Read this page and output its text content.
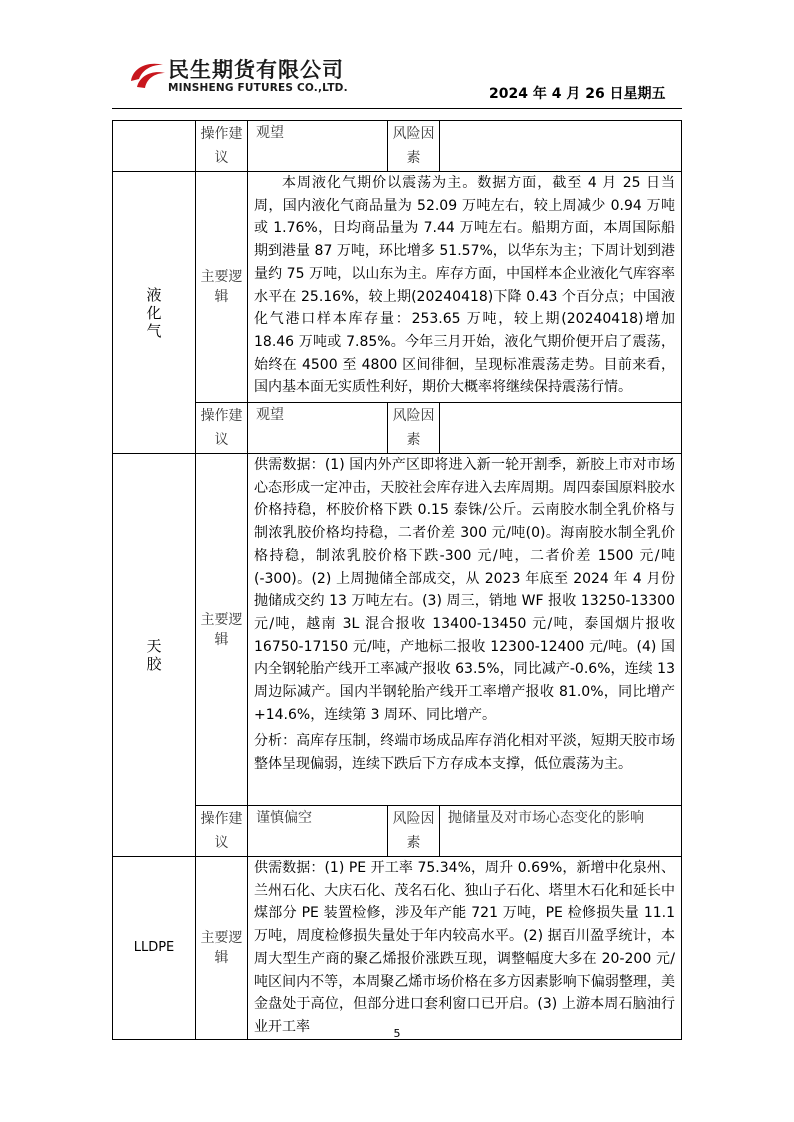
民生期货有限公司
MINSHENG FUTURES CO.,LTD.	2024 年 4 月 26 日星期五
	操作建议	观望	风险因素	
液化气	主要逻辑	本周液化气期价以震荡为主。数据方面，截至 4 月 25 日当周，国内液化气商品量为 52.09 万吨左右，较上周减少 0.94 万吨或 1.76%，日均商品量为 7.44 万吨左右。船期方面，本周国际船期到港量 87 万吨，环比增多 51.57%，以华东为主；下周计划到港量约 75 万吨，以山东为主。库存方面，中国样本企业液化气库容率水平在 25.16%，较上期(20240418)下降 0.43 个百分点；中国液化气港口样本库存量：253.65 万吨，较上期(20240418)增加 18.46 万吨或 7.85%。今年三月开始，液化气期价便开启了震荡，始终在 4500 至 4800 区间徘徊，呈现标准震荡走势。目前来看，国内基本面无实质性利好，期价大概率将继续保持震荡行情。		

	操作建议	观望	风险因素	
天胶	主要逻辑	供需数据：(1) 国内外产区即将进入新一轮开割季，新胶上市对市场心态形成一定冲击，天胶社会库存进入去库周期。周四泰国原料胶水价格持稳，杯胶价格下跌 0.15 泰铢/公斤。云南胶水制全乳价格与制浓乳胶价格均持稳，二者价差 300 元/吨(0)。海南胶水制全乳价格持稳，制浓乳胶价格下跌-300 元/吨，二者价差 1500 元/吨 (-300)。(2) 上周抛储全部成交，从 2023 年底至 2024 年 4 月份抛储成交约 13 万吨左右。(3) 周三，销地 WF 报收 13250-13300 元/吨，越南 3L 混合报收 13400-13450 元/吨，泰国烟片报收 16750-17150 元/吨，产地标二报收 12300-12400 元/吨。(4) 国内全钢轮胎产线开工率减产报收 63.5%，同比减产-0.6%，连续 13 周边际减产。国内半钢轮胎产线开工率增产报收 81.0%，同比增产+14.6%，连续第 3 周环、同比增产。

分析：高库存压制，终端市场成品库存消化相对平淡，短期天胶市场整体呈现偏弱，连续下跌后下方存成本支撑，低位震荡为主。		

	操作建议	谨慎偏空	风险因素	抛储量及对市场心态变化的影响
LLDPE	主要逻辑	供需数据：(1) PE 开工率 75.34%，周升 0.69%，新增中化泉州、兰州石化、大庆石化、茂名石化、独山子石化、塔里木石化和延长中煤部分 PE 装置检修，涉及年产能 721 万吨，PE 检修损失量 11.1 万吨，周度检修损失量处于年内较高水平。(2) 据百川盈孚统计，本周大型生产商的聚乙烯报价涨跌互现，调整幅度大多在 20-200 元/吨区间内不等，本周聚乙烯市场价格在多方因素影响下偏弱整理，美金盘处于高位，但部分进口套利窗口已开启。(3) 上游本周石脑油行业开工率			5
